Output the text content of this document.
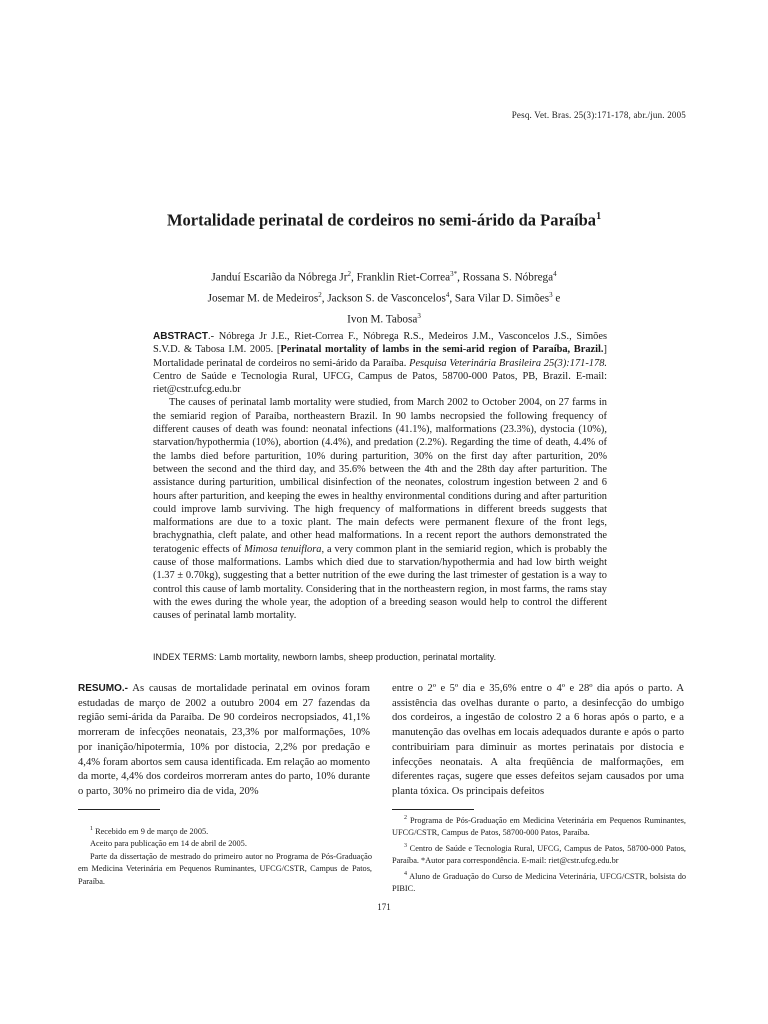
Pesq. Vet. Bras. 25(3):171-178, abr./jun. 2005
Mortalidade perinatal de cordeiros no semi-árido da Paraíba$^1$
Janduí Escarião da Nóbrega Jr$^2$, Franklin Riet-Correa$^{3*}$, Rossana S. Nóbrega$^4$
Josemar M. de Medeiros$^2$, Jackson S. de Vasconcelos$^4$, Sara Vilar D. Simões$^3$ e
Ivon M. Tabosa$^3$

ABSTRACT.- Nóbrega Jr J.E., Riet-Correa F., Nóbrega R.S., Medeiros J.M., Vasconcelos J.S., Simões S.V.D. & Tabosa I.M. 2005. [Perinatal mortality of lambs in the semi-arid region of Paraíba, Brazil.] Mortalidade perinatal de cordeiros no semi-árido da Paraíba. Pesquisa Veterinária Brasileira 25(3):171-178. Centro de Saúde e Tecnologia Rural, UFCG, Campus de Patos, 58700-000 Patos, PB, Brazil. E-mail: riet@cstr.ufcg.edu.br

The causes of perinatal lamb mortality were studied, from March 2002 to October 2004, on 27 farms in the semiarid region of Paraíba, northeastern Brazil. In 90 lambs necropsied the following frequency of different causes of death was found: neonatal infections (41.1%), malformations (23.3%), dystocia (10%), starvation/hypothermia (10%), abortion (4.4%), and predation (2.2%). Regarding the time of death, 4.4% of the lambs died before parturition, 10% during parturition, 30% on the first day after parturition, 20% between the second and the third day, and 35.6% between the 4th and the 28th day after parturition. The assistance during parturition, umbilical disinfection of the neonates, colostrum ingestion between 2 and 6 hours after parturition, and keeping the ewes in healthy environmental conditions during and after parturition could improve lamb surviving. The high frequency of malformations in different breeds suggests that malformations are due to a toxic plant. The main defects were permanent flexure of the front legs, brachygnathia, cleft palate, and other head malformations. In a recent report the authors demonstrated the teratogenic effects of Mimosa tenuiflora, a very common plant in the semiarid region, which is probably the cause of those malformations. Lambs which died due to starvation/hypothermia and had low birth weight (1.37 ± 0.70kg), suggesting that a better nutrition of the ewe during the last trimester of gestation is a way to control this cause of lamb mortality. Considering that in the northeastern region, in most farms, the rams stay with the ewes during the whole year, the adoption of a breeding season would help to control the different causes of perinatal lamb mortality.

INDEX TERMS: Lamb mortality, newborn lambs, sheep production, perinatal mortality.
RESUMO.- As causas de mortalidade perinatal em ovinos foram estudadas de março de 2002 a outubro 2004 em 27 fazendas da região semi-árida da Paraíba. De 90 cordeiros necropsiados, 41,1% morreram de infecções neonatais, 23,3% por malformações, 10% por inanição/hipotermia, 10% por distocia, 2,2% por predação e 4,4% foram abortos sem causa identificada. Em relação ao momento da morte, 4,4% dos cordeiros morreram antes do parto, 10% durante o parto, 30% no primeiro dia de vida, 20%
entre o 2º e 5º dia e 35,6% entre o 4º e 28º dia após o parto. A assistência das ovelhas durante o parto, a desinfecção do umbigo dos cordeiros, a ingestão de colostro 2 a 6 horas após o parto, e a manutenção das ovelhas em locais adequados durante e após o parto contribuiriam para diminuir as mortes perinatais por distocia e infecções neonatais. A alta freqüência de malformações, em diferentes raças, sugere que esses defeitos sejam causados por uma planta tóxica. Os principais defeitos

$^1$ Recebido em 9 de março de 2005.

Aceito para publicação em 14 de abril de 2005.

Parte da dissertação de mestrado do primeiro autor no Programa de Pós-Graduação em Medicina Veterinária em Pequenos Ruminantes, UFCG/CSTR, Campus de Patos, Paraíba.

$^2$ Programa de Pós-Graduação em Medicina Veterinária em Pequenos Ruminantes, UFCG/CSTR, Campus de Patos, 58700-000 Patos, Paraíba.

$^3$ Centro de Saúde e Tecnologia Rural, UFCG, Campus de Patos, 58700-000 Patos, Paraíba. *Autor para correspondência. E-mail: riet@cstr.ufcg.edu.br

$^4$ Aluno de Graduação do Curso de Medicina Veterinária, UFCG/CSTR, bolsista do PIBIC.

171
